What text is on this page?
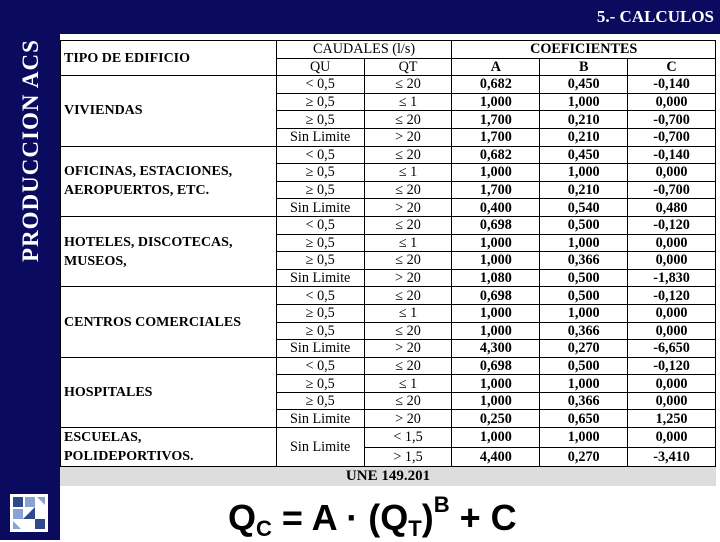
PRODUCCION ACS
5.- CALCULOS
TIPO DE EDIFICIO	CAUDALES (l/s)		COEFICIENTES		
	QU	QT	A	B	C
VIVIENDAS	< 0,5	≤ 20	0,682	0,450	-0,140
	≥ 0,5	≤ 1	1,000	1,000	0,000
	≥ 0,5	≤ 20	1,700	0,210	-0,700
	Sin Limite	> 20	1,700	0,210	-0,700
OFICINAS, ESTACIONES, AEROPUERTOS, ETC.	< 0,5	≤ 20	0,682	0,450	-0,140
	≥ 0,5	≤ 1	1,000	1,000	0,000
	≥ 0,5	≤ 20	1,700	0,210	-0,700
	Sin Limite	> 20	0,400	0,540	0,480
HOTELES, DISCOTECAS, MUSEOS,	< 0,5	≤ 20	0,698	0,500	-0,120
	≥ 0,5	≤ 1	1,000	1,000	0,000
	≥ 0,5	≤ 20	1,000	0,366	0,000
	Sin Limite	> 20	1,080	0,500	-1,830
CENTROS COMERCIALES	< 0,5	≤ 20	0,698	0,500	-0,120
	≥ 0,5	≤ 1	1,000	1,000	0,000
	≥ 0,5	≤ 20	1,000	0,366	0,000
	Sin Limite	> 20	4,300	0,270	-6,650
HOSPITALES	< 0,5	≤ 20	0,698	0,500	-0,120
	≥ 0,5	≤ 1	1,000	1,000	0,000
	≥ 0,5	≤ 20	1,000	0,366	0,000
	Sin Limite	> 20	0,250	0,650	1,250
ESCUELAS, POLIDEPORTIVOS.	Sin Limite	< 1,5	1,000	1,000	0,000
		> 1,5	4,400	0,270	-3,410
UNE 149.201
$Q_C = A \cdot (Q_T)^B + C$
